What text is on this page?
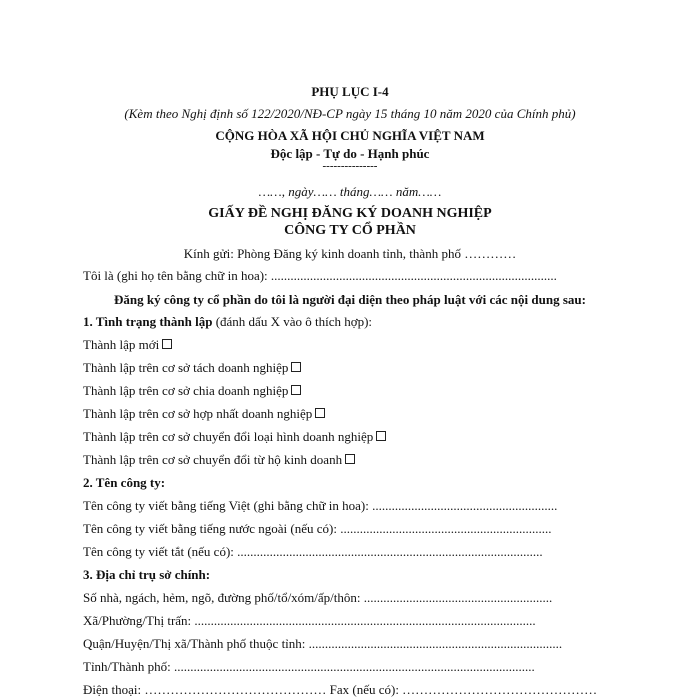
PHỤ LỤC I-4
(Kèm theo Nghị định số 122/2020/NĐ-CP ngày 15 tháng 10 năm 2020 của Chính phủ)
CỘNG HÒA XÃ HỘI CHỦ NGHĨA VIỆT NAM
Độc lập - Tự do - Hạnh phúc
---------------
……, ngày…… tháng…… năm……
GIẤY ĐỀ NGHỊ ĐĂNG KÝ DOANH NGHIỆP
CÔNG TY CỔ PHẦN
Kính gửi: Phòng Đăng ký kinh doanh tỉnh, thành phố …………
Tôi là (ghi họ tên bằng chữ in hoa): ........................................................................................
Đăng ký công ty cổ phần do tôi là người đại diện theo pháp luật với các nội dung sau:
1. Tình trạng thành lập (đánh dấu X vào ô thích hợp):
Thành lập mới
Thành lập trên cơ sở tách doanh nghiệp
Thành lập trên cơ sở chia doanh nghiệp
Thành lập trên cơ sở hợp nhất doanh nghiệp
Thành lập trên cơ sở chuyển đổi loại hình doanh nghiệp
Thành lập trên cơ sở chuyển đổi từ hộ kinh doanh
2. Tên công ty:
Tên công ty viết bằng tiếng Việt (ghi bằng chữ in hoa): .........................................................
Tên công ty viết bằng tiếng nước ngoài (nếu có): .................................................................
Tên công ty viết tắt (nếu có): ..............................................................................................
3. Địa chỉ trụ sở chính:
Số nhà, ngách, hẻm, ngõ, đường phố/tổ/xóm/ấp/thôn: ..........................................................
Xã/Phường/Thị trấn: .........................................................................................................
Quận/Huyện/Thị xã/Thành phố thuộc tỉnh: ..............................................................................
Tỉnh/Thành phố: ...............................................................................................................
Điện thoại: …………………………………… Fax (nếu có): ………………………………………
